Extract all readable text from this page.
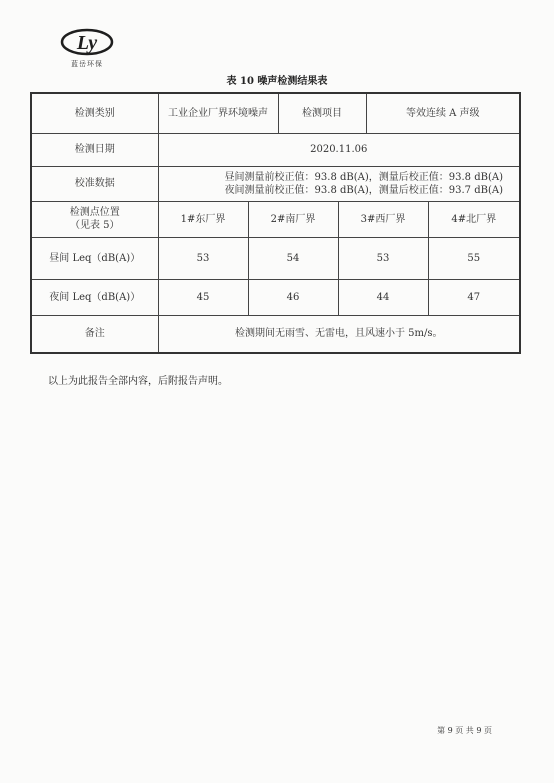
Ly
蓝岳环保
表 10 噪声检测结果表
检测类别	工业企业厂界环境噪声		检测项目		等效连续 A 声级	
检测日期	2020.11.06					
校准数据	昼间测量前校正值：93.8 dB(A)，测量后校正值：93.8 dB(A)

夜间测量前校正值：93.8 dB(A)，测量后校正值：93.7 dB(A)					

检测点位置
（见表 5）	1#东厂界	2#南厂界		3#西厂界		4#北厂界
昼间 Leq（dB(A)）	53	54		53		55
夜间 Leq（dB(A)）	45	46		44		47
备注	检测期间无雨雪、无雷电，且风速小于 5m/s。					
以上为此报告全部内容，后附报告声明。
第 9 页 共 9 页
